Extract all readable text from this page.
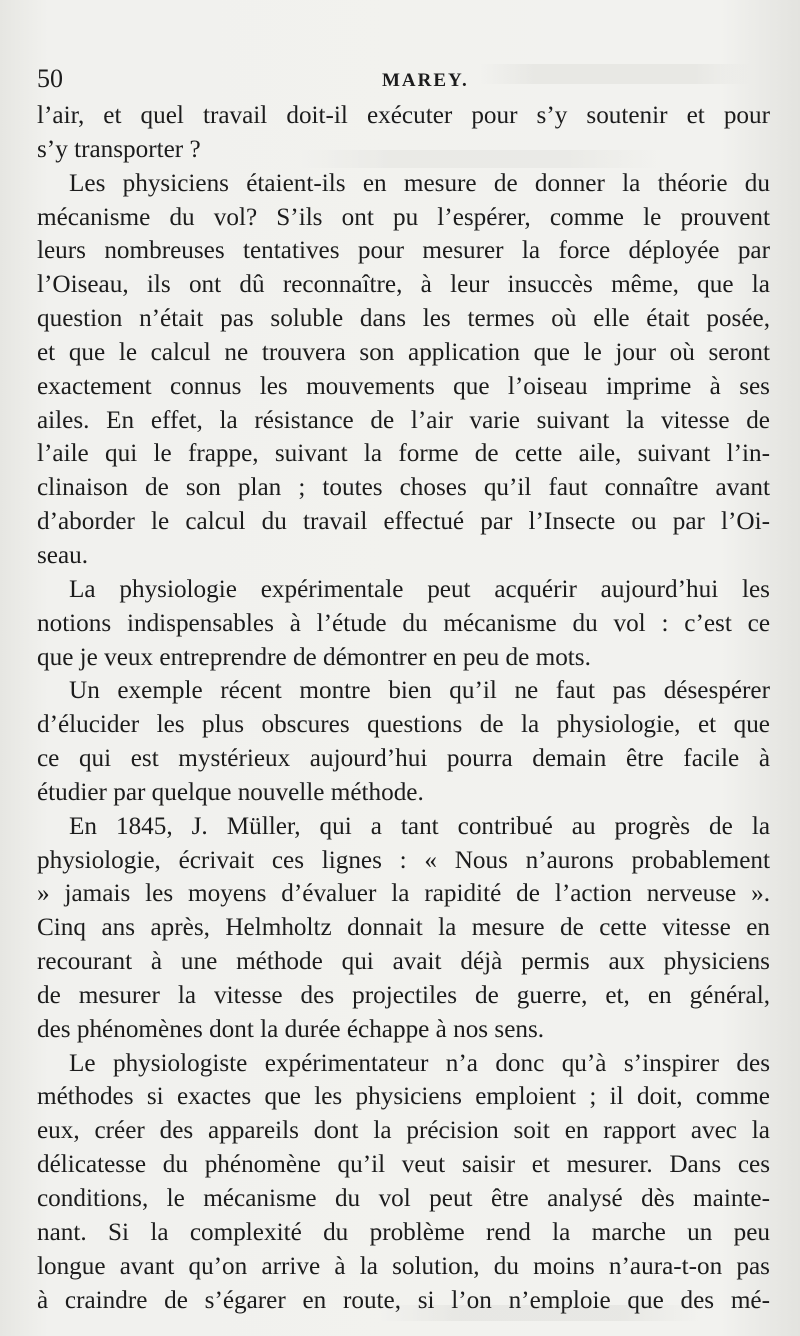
50	MAREY.
l’air, et quel travail doit-il exécuter pour s’y soutenir et pour
s’y transporter ?
Les physiciens étaient-ils en mesure de donner la théorie du
mécanisme du vol? S’ils ont pu l’espérer, comme le prouvent
leurs nombreuses tentatives pour mesurer la force déployée par
l’Oiseau, ils ont dû reconnaître, à leur insuccès même, que la
question n’était pas soluble dans les termes où elle était posée,
et que le calcul ne trouvera son application que le jour où seront
exactement connus les mouvements que l’oiseau imprime à ses
ailes. En effet, la résistance de l’air varie suivant la vitesse de
l’aile qui le frappe, suivant la forme de cette aile, suivant l’in-
clinaison de son plan ; toutes choses qu’il faut connaître avant
d’aborder le calcul du travail effectué par l’Insecte ou par l’Oi-
seau.
La physiologie expérimentale peut acquérir aujourd’hui les
notions indispensables à l’étude du mécanisme du vol : c’est ce
que je veux entreprendre de démontrer en peu de mots.
Un exemple récent montre bien qu’il ne faut pas désespérer
d’élucider les plus obscures questions de la physiologie, et que
ce qui est mystérieux aujourd’hui pourra demain être facile à
étudier par quelque nouvelle méthode.
En 1845, J. Müller, qui a tant contribué au progrès de la
physiologie, écrivait ces lignes : « Nous n’aurons probablement
» jamais les moyens d’évaluer la rapidité de l’action nerveuse ».
Cinq ans après, Helmholtz donnait la mesure de cette vitesse en
recourant à une méthode qui avait déjà permis aux physiciens
de mesurer la vitesse des projectiles de guerre, et, en général,
des phénomènes dont la durée échappe à nos sens.
Le physiologiste expérimentateur n’a donc qu’à s’inspirer des
méthodes si exactes que les physiciens emploient ; il doit, comme
eux, créer des appareils dont la précision soit en rapport avec la
délicatesse du phénomène qu’il veut saisir et mesurer. Dans ces
conditions, le mécanisme du vol peut être analysé dès mainte-
nant. Si la complexité du problème rend la marche un peu
longue avant qu’on arrive à la solution, du moins n’aura-t-on pas
à craindre de s’égarer en route, si l’on n’emploie que des mé-
